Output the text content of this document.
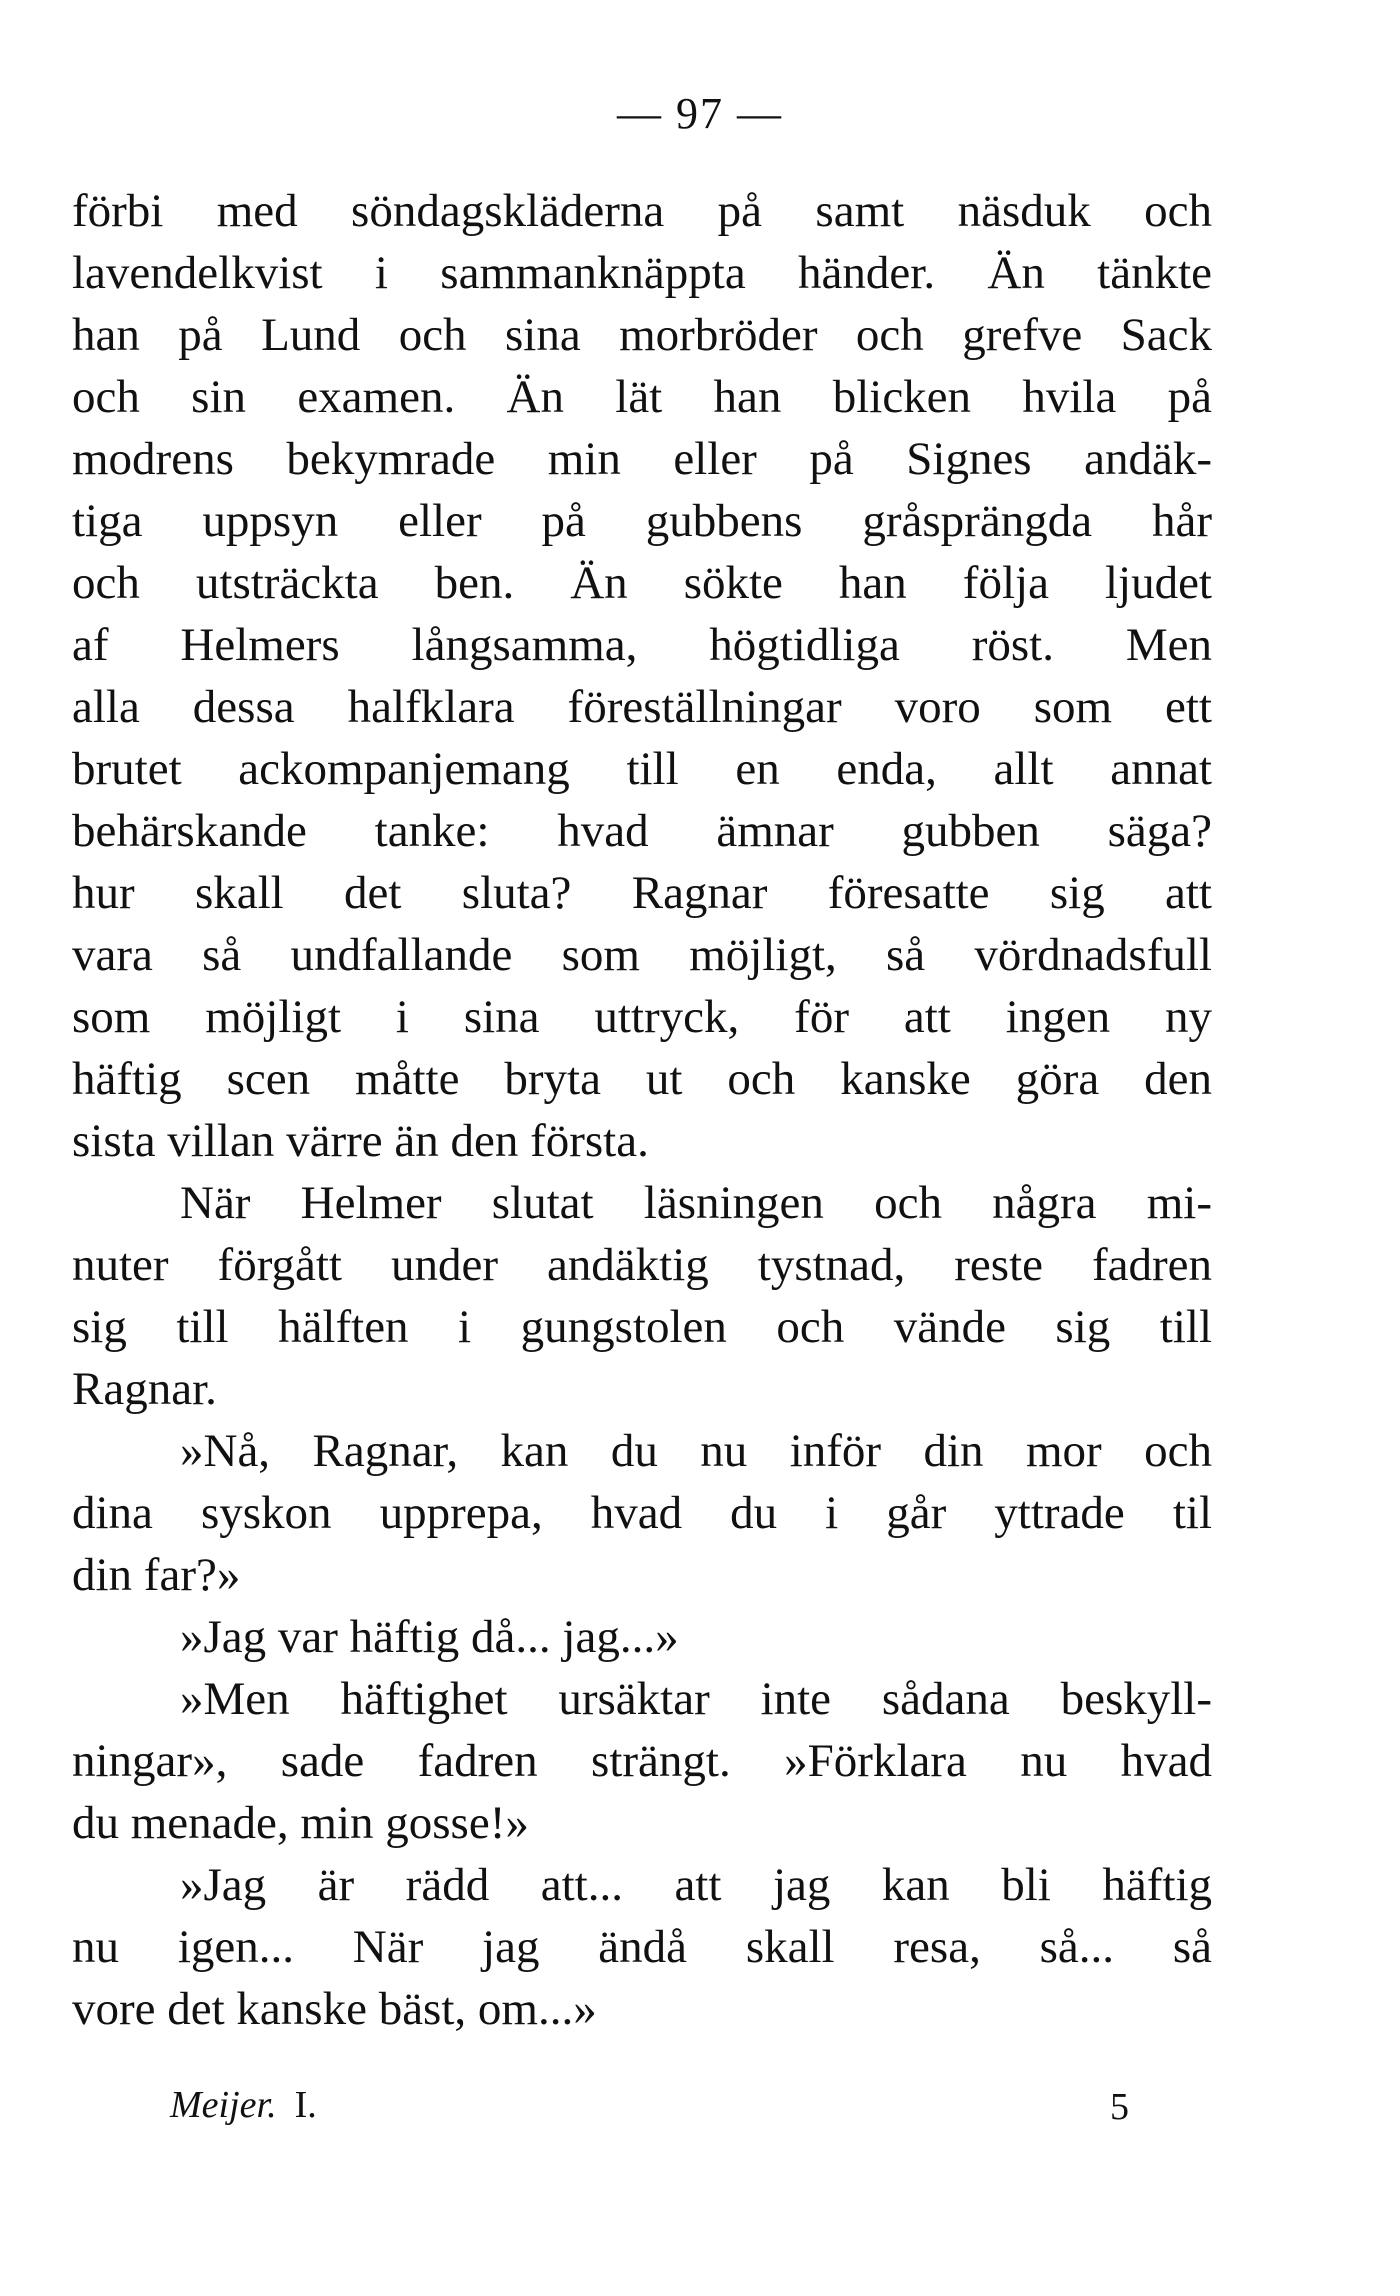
— 97 —
förbi med söndagskläderna på samt näsduk och
lavendelkvist i sammanknäppta händer. Än tänkte
han på Lund och sina morbröder och grefve Sack
och sin examen. Än lät han blicken hvila på
modrens bekymrade min eller på Signes andäk-
tiga uppsyn eller på gubbens gråsprängda hår
och utsträckta ben. Än sökte han följa ljudet
af Helmers långsamma, högtidliga röst. Men
alla dessa halfklara föreställningar voro som ett
brutet ackompanjemang till en enda, allt annat
behärskande tanke: hvad ämnar gubben säga?
hur skall det sluta? Ragnar föresatte sig att
vara så undfallande som möjligt, så vördnadsfull
som möjligt i sina uttryck, för att ingen ny
häftig scen måtte bryta ut och kanske göra den
sista villan värre än den första.
När Helmer slutat läsningen och några mi-
nuter förgått under andäktig tystnad, reste fadren
sig till hälften i gungstolen och vände sig till
Ragnar.
»Nå, Ragnar, kan du nu inför din mor och
dina syskon upprepa, hvad du i går yttrade til
din far?»
»Jag var häftig då... jag...»
»Men häftighet ursäktar inte sådana beskyll-
ningar», sade fadren strängt. »Förklara nu hvad
du menade, min gosse!»
»Jag är rädd att... att jag kan bli häftig
nu igen... När jag ändå skall resa, så... så
vore det kanske bäst, om...»
Meijer. I.	5
